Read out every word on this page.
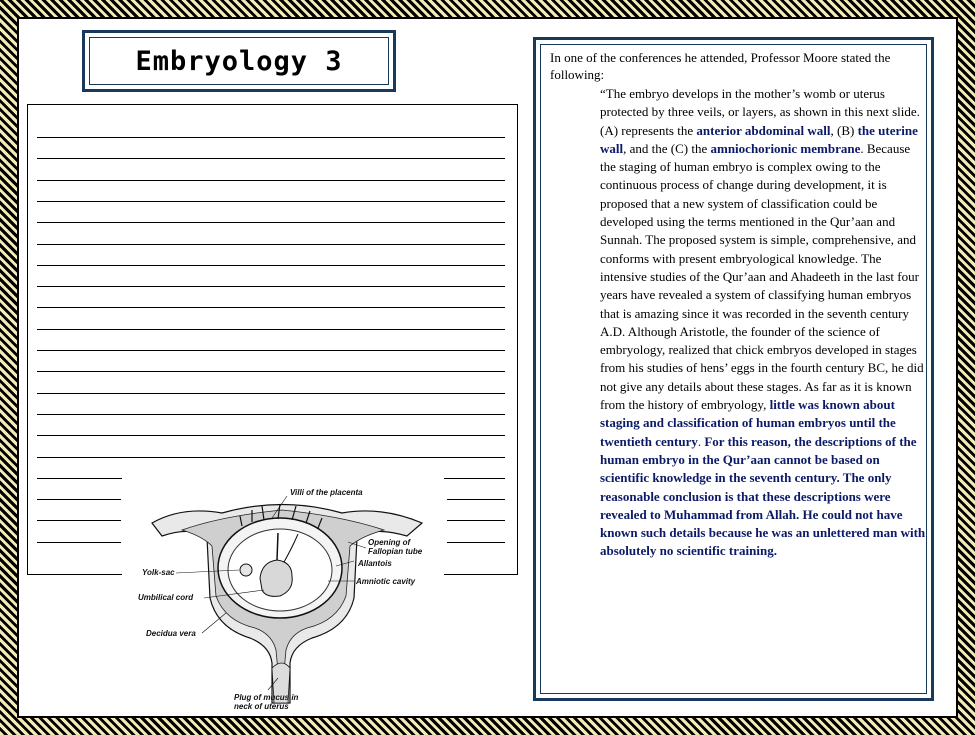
Embryology 3
Villi of the placenta
Opening of
Fallopian tube
Allantois
Amniotic cavity
Yolk-sac
Umbilical cord
Decidua vera
Plug of mucus in
neck of uterus
In one of the conferences he attended, Professor Moore stated the following:
“The embryo develops in the mother’s womb or uterus protected by three veils, or layers, as shown in this next slide. (A) represents the anterior abdominal wall, (B) the uterine wall, and the (C) the amniochorionic membrane. Because the staging of human embryo is complex owing to the continuous process of change during development, it is proposed that a new system of classification could be developed using the terms mentioned in the Qur’aan and Sunnah. The proposed system is simple, comprehensive, and conforms with present embryological knowledge. The intensive studies of the Qur’aan and Ahadeeth in the last four years have revealed a system of classifying human embryos that is amazing since it was recorded in the seventh century A.D. Although Aristotle, the founder of the science of embryology, realized that chick embryos developed in stages from his studies of hens’ eggs in the fourth century BC, he did not give any details about these stages. As far as it is known from the history of embryology, little was known about staging and classification of human embryos until the twentieth century. For this reason, the descriptions of the human embryo in the Qur’aan cannot be based on scientific knowledge in the seventh century. The only reasonable conclusion is that these descriptions were revealed to Muhammad from Allah. He could not have known such details because he was an unlettered man with absolutely no scientific training.
